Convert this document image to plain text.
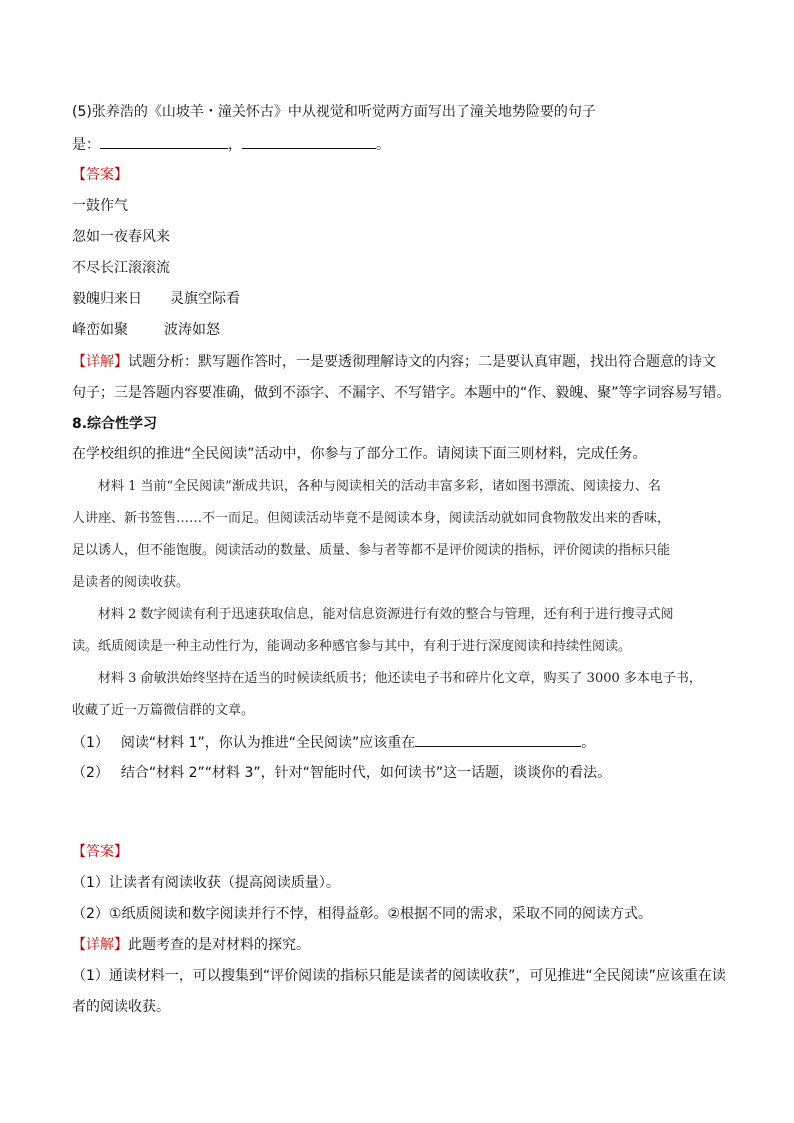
(5)张养浩的《山坡羊・潼关怀古》中从视觉和听觉两方面写出了潼关地势险要的句子
是：	，	。
【答案】
一鼓作气
忽如一夜春风来
不尽长江滚滚流
毅魄归来日 灵旗空际看
峰峦如聚	波涛如怒
【详解】试题分析：默写题作答时，一是要透彻理解诗文的内容；二是要认真审题，找出符合题意的诗文
句子；三是答题内容要准确，做到不添字、不漏字、不写错字。本题中的“作、毅魄、聚”等字词容易写错。
8.综合性学习
在学校组织的推进“全民阅读”活动中，你参与了部分工作。请阅读下面三则材料，完成任务。
材料 1 当前“全民阅读”渐成共识，各种与阅读相关的活动丰富多彩，诸如图书漂流、阅读接力、名
人讲座、新书签售……不一而足。但阅读活动毕竟不是阅读本身，阅读活动就如同食物散发出来的香味，
足以诱人，但不能饱腹。阅读活动的数量、质量、参与者等都不是评价阅读的指标，评价阅读的指标只能
是读者的阅读收获。
材料 2 数字阅读有利于迅速获取信息，能对信息资源进行有效的整合与管理，还有利于进行搜寻式阅
读。纸质阅读是一种主动性行为，能调动多种感官参与其中，有利于进行深度阅读和持续性阅读。
材料 3 俞敏洪始终坚持在适当的时候读纸质书；他还读电子书和碎片化文章，购买了 3000 多本电子书，
收藏了近一万篇微信群的文章。
（1） 阅读“材料 1”，你认为推进“全民阅读”应该重在	。
（2） 结合“材料 2”“材料 3”，针对“智能时代，如何读书”这一话题，谈谈你的看法。
【答案】
（1）让读者有阅读收获（提高阅读质量）。
（2）①纸质阅读和数字阅读并行不悖，相得益彰。②根据不同的需求，采取不同的阅读方式。
【详解】此题考查的是对材料的探究。
（1）通读材料一，可以搜集到“评价阅读的指标只能是读者的阅读收获”，可见推进“全民阅读”应该重在读
者的阅读收获。
